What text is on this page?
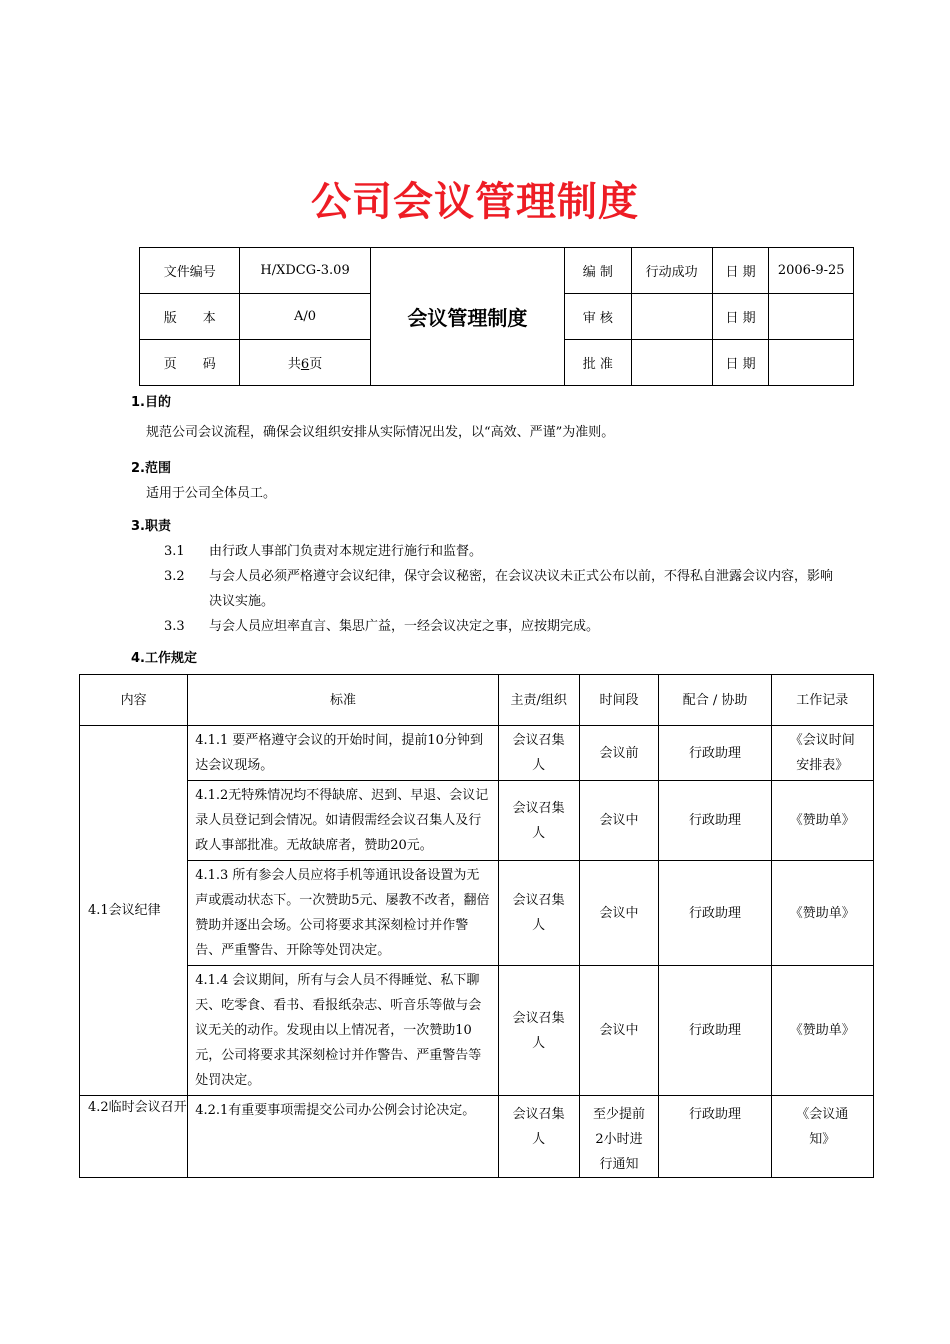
公司会议管理制度
文件编号	H/XDCG-3.09	会议管理制度	编 制	行动成功	日 期	2006-9-25
版　　本	A/0		审 核		日 期	
页　　码	共6页		批 准		日 期	
1.目的
规范公司会议流程，确保会议组织安排从实际情况出发，以“高效、严谨”为准则。
2.范围
适用于公司全体员工。
3.职责
3.1 由行政人事部门负责对本规定进行施行和监督。
3.2 与会人员必须严格遵守会议纪律，保守会议秘密，在会议决议未正式公布以前，不得私自泄露会议内容，影响决议实施。
3.3 与会人员应坦率直言、集思广益，一经会议决定之事，应按期完成。
4.工作规定
内容	标准	主责/组织	时间段	配合 / 协助	工作记录
4.1会议纪律	4.1.1 要严格遵守会议的开始时间，提前10分钟到达会议现场。	会议召集人	会议前	行政助理	《会议时间安排表》
	4.1.2无特殊情况均不得缺席、迟到、早退、会议记录人员登记到会情况。如请假需经会议召集人及行政人事部批准。无故缺席者，赞助20元。	会议召集人	会议中	行政助理	《赞助单》
	4.1.3 所有参会人员应将手机等通讯设备设置为无声或震动状态下。一次赞助5元、屡教不改者，翻倍赞助并逐出会场。公司将要求其深刻检讨并作警告、严重警告、开除等处罚决定。	会议召集人	会议中	行政助理	《赞助单》
	4.1.4 会议期间，所有与会人员不得睡觉、私下聊天、吃零食、看书、看报纸杂志、听音乐等做与会议无关的动作。发现由以上情况者，一次赞助10元，公司将要求其深刻检讨并作警告、严重警告等处罚决定。	会议召集人	会议中	行政助理	《赞助单》
4.2临时会议召开	4.2.1有重要事项需提交公司办公例会讨论决定。	会议召集人	至少提前2小时进行通知	行政助理	《会议通知》
